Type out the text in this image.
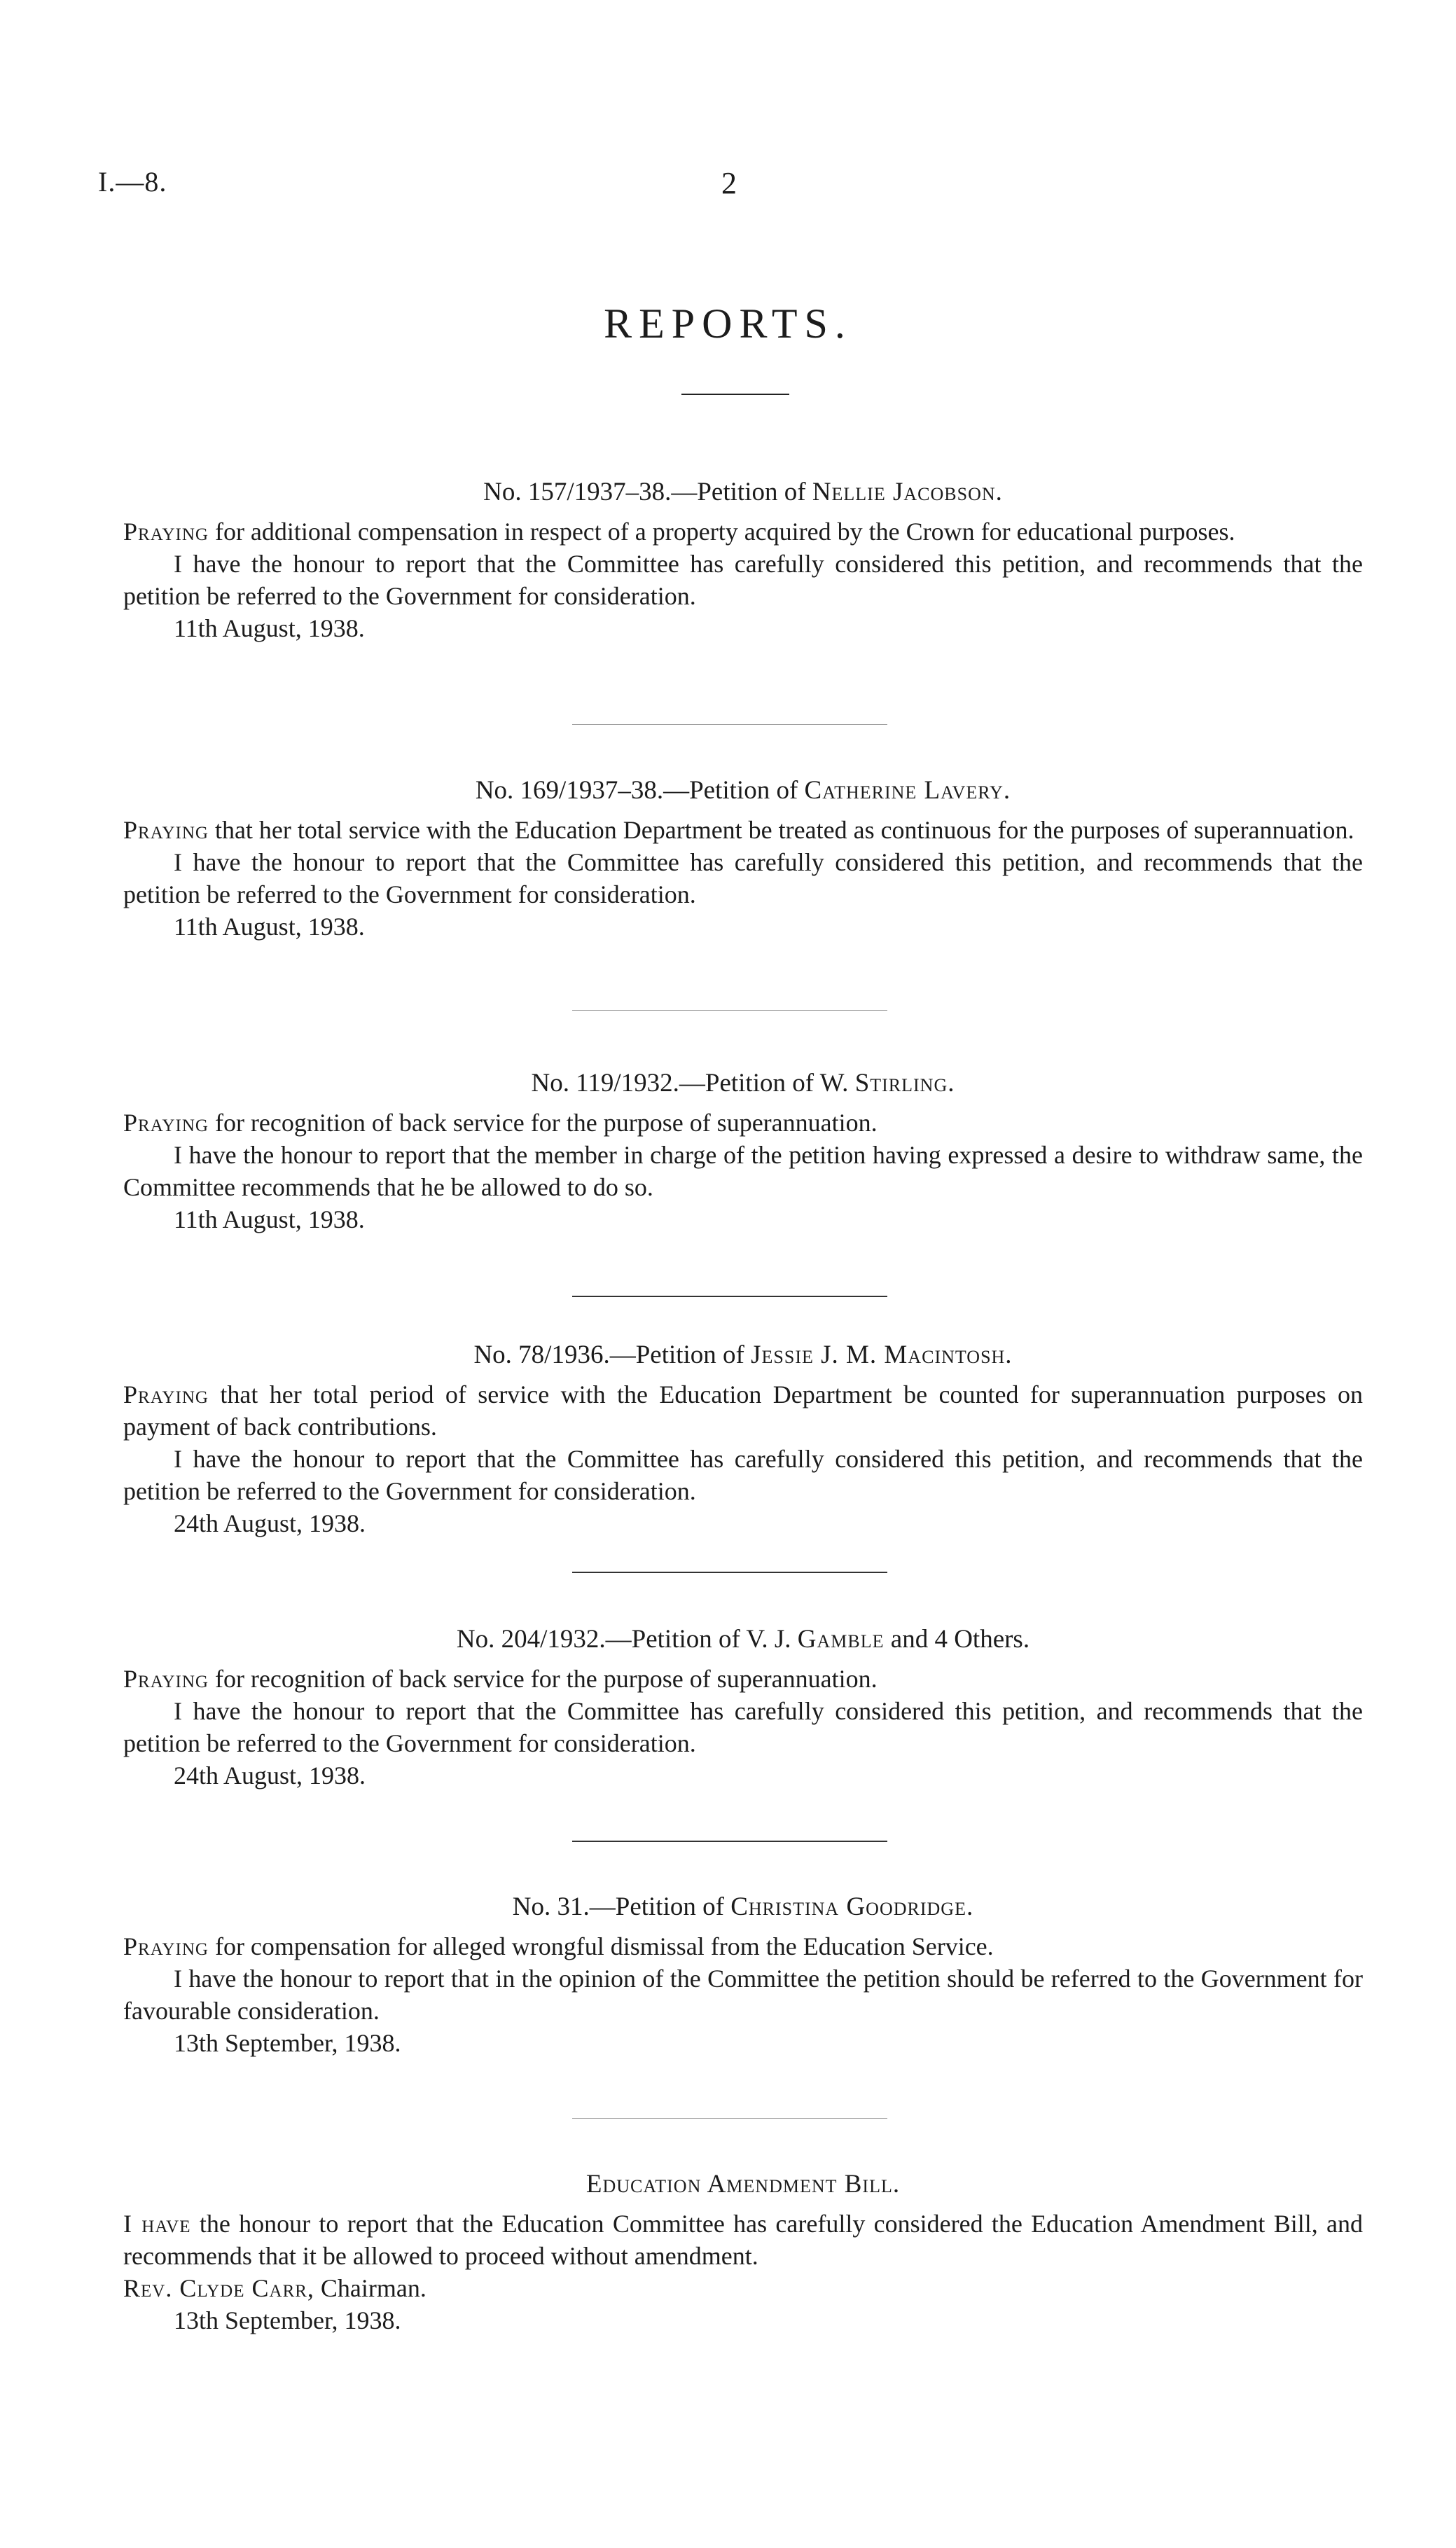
I.—8.	2
REPORTS.
No. 157/1937–38.—Petition of Nellie Jacobson.

Praying for additional compensation in respect of a property acquired by the Crown for educational purposes.

I have the honour to report that the Committee has carefully considered this petition, and recommends that the petition be referred to the Government for consideration.

11th August, 1938.

No. 169/1937–38.—Petition of Catherine Lavery.

Praying that her total service with the Education Department be treated as continuous for the purposes of superannuation.

I have the honour to report that the Committee has carefully considered this petition, and recommends that the petition be referred to the Government for consideration.

11th August, 1938.

No. 119/1932.—Petition of W. Stirling.

Praying for recognition of back service for the purpose of superannuation.

I have the honour to report that the member in charge of the petition having expressed a desire to withdraw same, the Committee recommends that he be allowed to do so.

11th August, 1938.

No. 78/1936.—Petition of Jessie J. M. Macintosh.

Praying that her total period of service with the Education Department be counted for superannuation purposes on payment of back contributions.

I have the honour to report that the Committee has carefully considered this petition, and recommends that the petition be referred to the Government for consideration.

24th August, 1938.

No. 204/1932.—Petition of V. J. Gamble and 4 Others.

Praying for recognition of back service for the purpose of superannuation.

I have the honour to report that the Committee has carefully considered this petition, and recommends that the petition be referred to the Government for consideration.

24th August, 1938.

No. 31.—Petition of Christina Goodridge.

Praying for compensation for alleged wrongful dismissal from the Education Service.

I have the honour to report that in the opinion of the Committee the petition should be referred to the Government for favourable consideration.

13th September, 1938.

Education Amendment Bill.

I have the honour to report that the Education Committee has carefully considered the Education Amendment Bill, and recommends that it be allowed to proceed without amendment.

Rev. Clyde Carr, Chairman.

13th September, 1938.
